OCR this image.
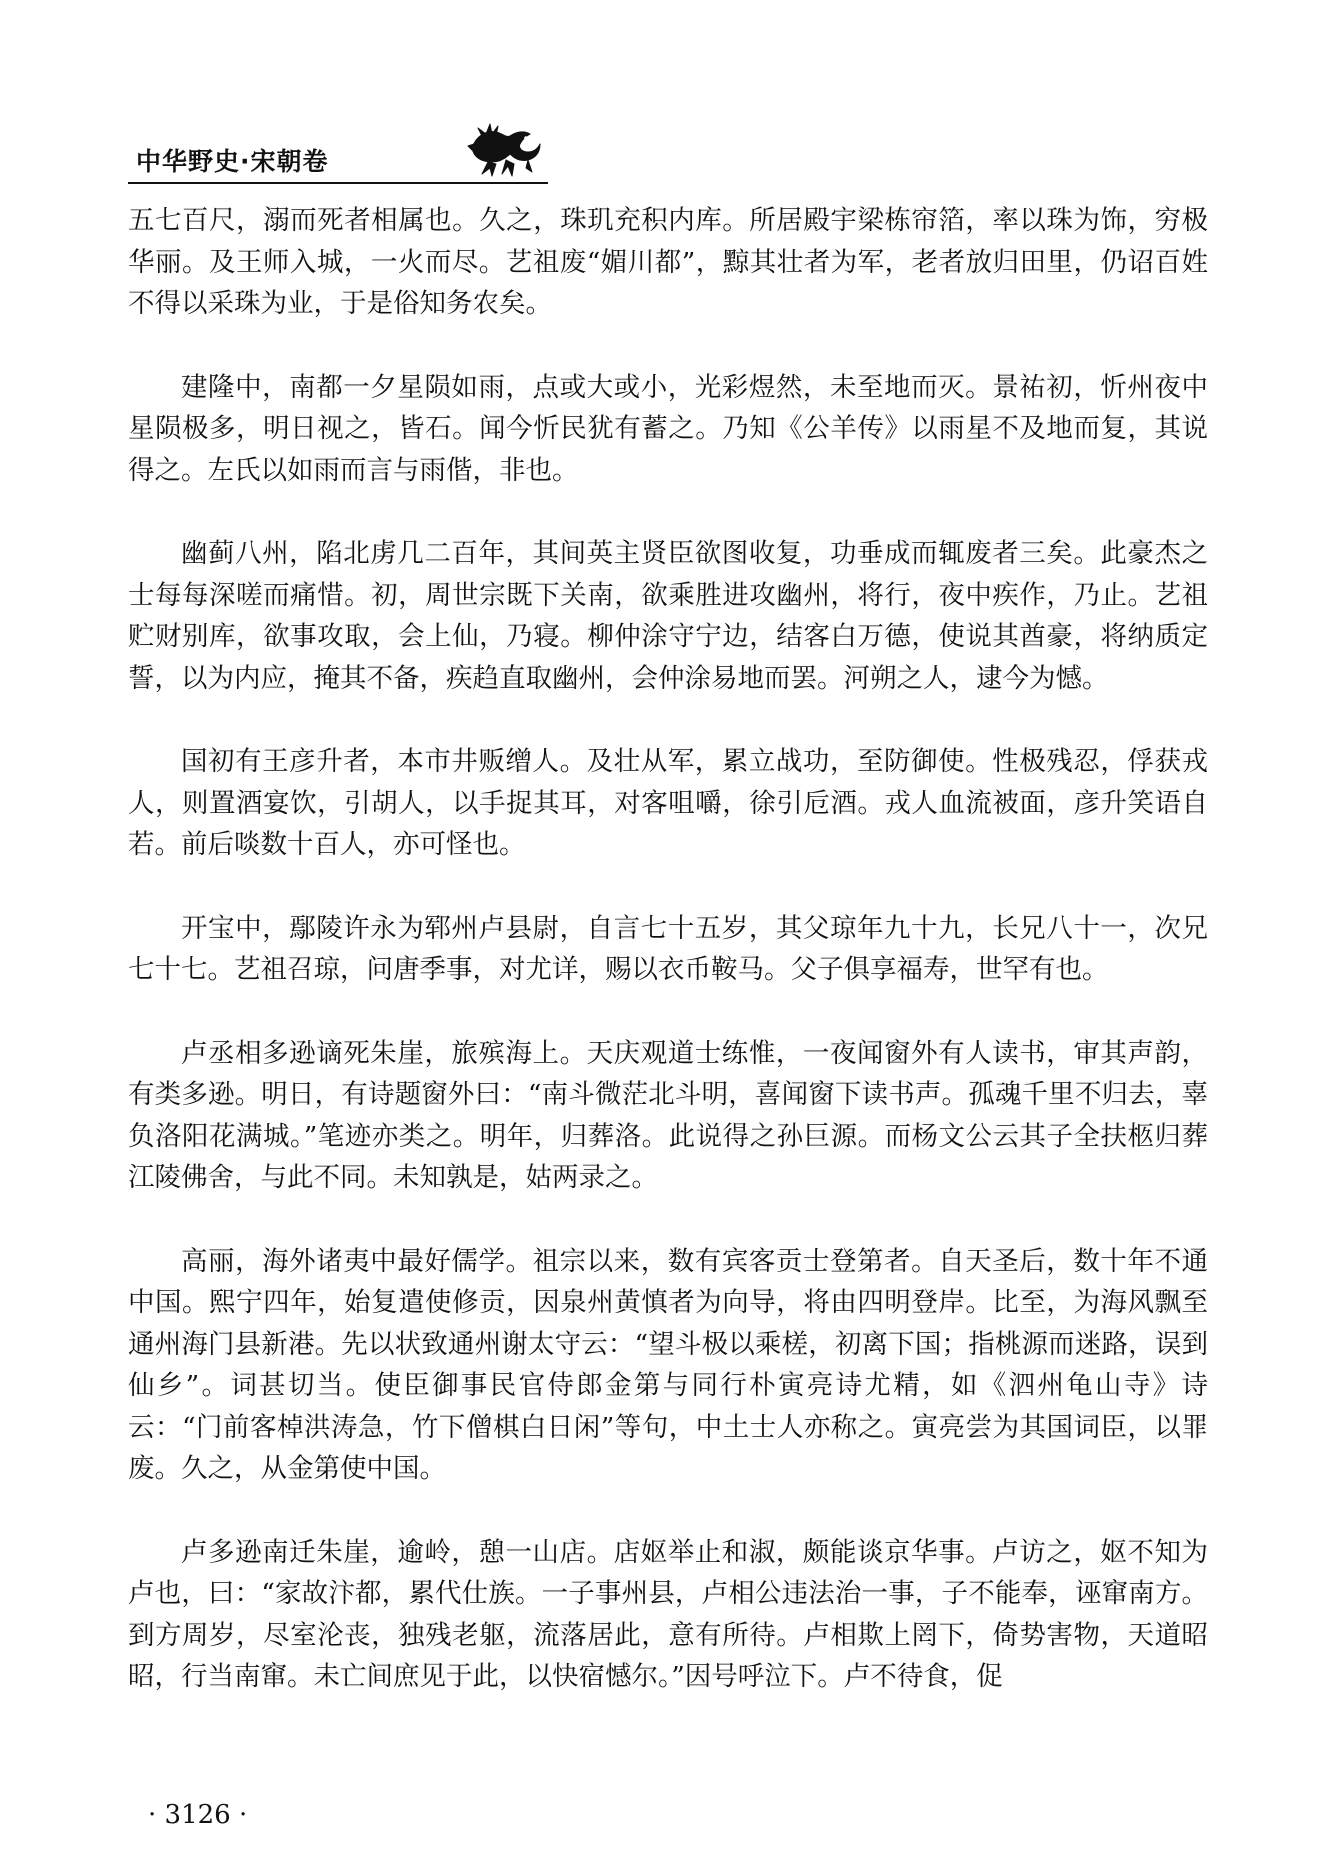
中华野史·宋朝卷

五七百尺，溺而死者相属也。久之，珠玑充积内库。所居殿宇梁栋帘箔，率以珠为饰，穷极华丽。及王师入城，一火而尽。艺祖废“媚川都”，黥其壮者为军，老者放归田里，仍诏百姓不得以采珠为业，于是俗知务农矣。

建隆中，南都一夕星陨如雨，点或大或小，光彩煜然，未至地而灭。景祐初，忻州夜中星陨极多，明日视之，皆石。闻今忻民犹有蓄之。乃知《公羊传》以雨星不及地而复，其说得之。左氏以如雨而言与雨偕，非也。

幽蓟八州，陷北虏几二百年，其间英主贤臣欲图收复，功垂成而辄废者三矣。此豪杰之士每每深嗟而痛惜。初，周世宗既下关南，欲乘胜进攻幽州，将行，夜中疾作，乃止。艺祖贮财别库，欲事攻取，会上仙，乃寝。柳仲涂守宁边，结客白万德，使说其酋豪，将纳质定誓，以为内应，掩其不备，疾趋直取幽州，会仲涂易地而罢。河朔之人，逮今为憾。

国初有王彦升者，本市井贩缯人。及壮从军，累立战功，至防御使。性极残忍，俘获戎人，则置酒宴饮，引胡人，以手捉其耳，对客咀嚼，徐引卮酒。戎人血流被面，彦升笑语自若。前后啖数十百人，亦可怪也。

开宝中，鄢陵许永为郓州卢县尉，自言七十五岁，其父琼年九十九，长兄八十一，次兄七十七。艺祖召琼，问唐季事，对尤详，赐以衣币鞍马。父子俱享福寿，世罕有也。

卢丞相多逊谪死朱崖，旅殡海上。天庆观道士练惟，一夜闻窗外有人读书，审其声韵，有类多逊。明日，有诗题窗外曰：“南斗微茫北斗明，喜闻窗下读书声。孤魂千里不归去，辜负洛阳花满城。”笔迹亦类之。明年，归葬洛。此说得之孙巨源。而杨文公云其子全扶柩归葬江陵佛舍，与此不同。未知孰是，姑两录之。

高丽，海外诸夷中最好儒学。祖宗以来，数有宾客贡士登第者。自天圣后，数十年不通中国。熙宁四年，始复遣使修贡，因泉州黄慎者为向导，将由四明登岸。比至，为海风飘至通州海门县新港。先以状致通州谢太守云：“望斗极以乘槎，初离下国；指桃源而迷路，误到仙乡”。词甚切当。使臣御事民官侍郎金第与同行朴寅亮诗尤精，如《泗州龟山寺》诗云：“门前客棹洪涛急，竹下僧棋白日闲”等句，中土士人亦称之。寅亮尝为其国词臣，以罪废。久之，从金第使中国。

卢多逊南迁朱崖，逾岭，憩一山店。店妪举止和淑，颇能谈京华事。卢访之，妪不知为卢也，曰：“家故汴都，累代仕族。一子事州县，卢相公违法治一事，子不能奉，诬窜南方。到方周岁，尽室沦丧，独残老躯，流落居此，意有所待。卢相欺上罔下，倚势害物，天道昭昭，行当南窜。未亡间庶见于此，以快宿憾尔。”因号呼泣下。卢不待食，促

· 3126 ·
